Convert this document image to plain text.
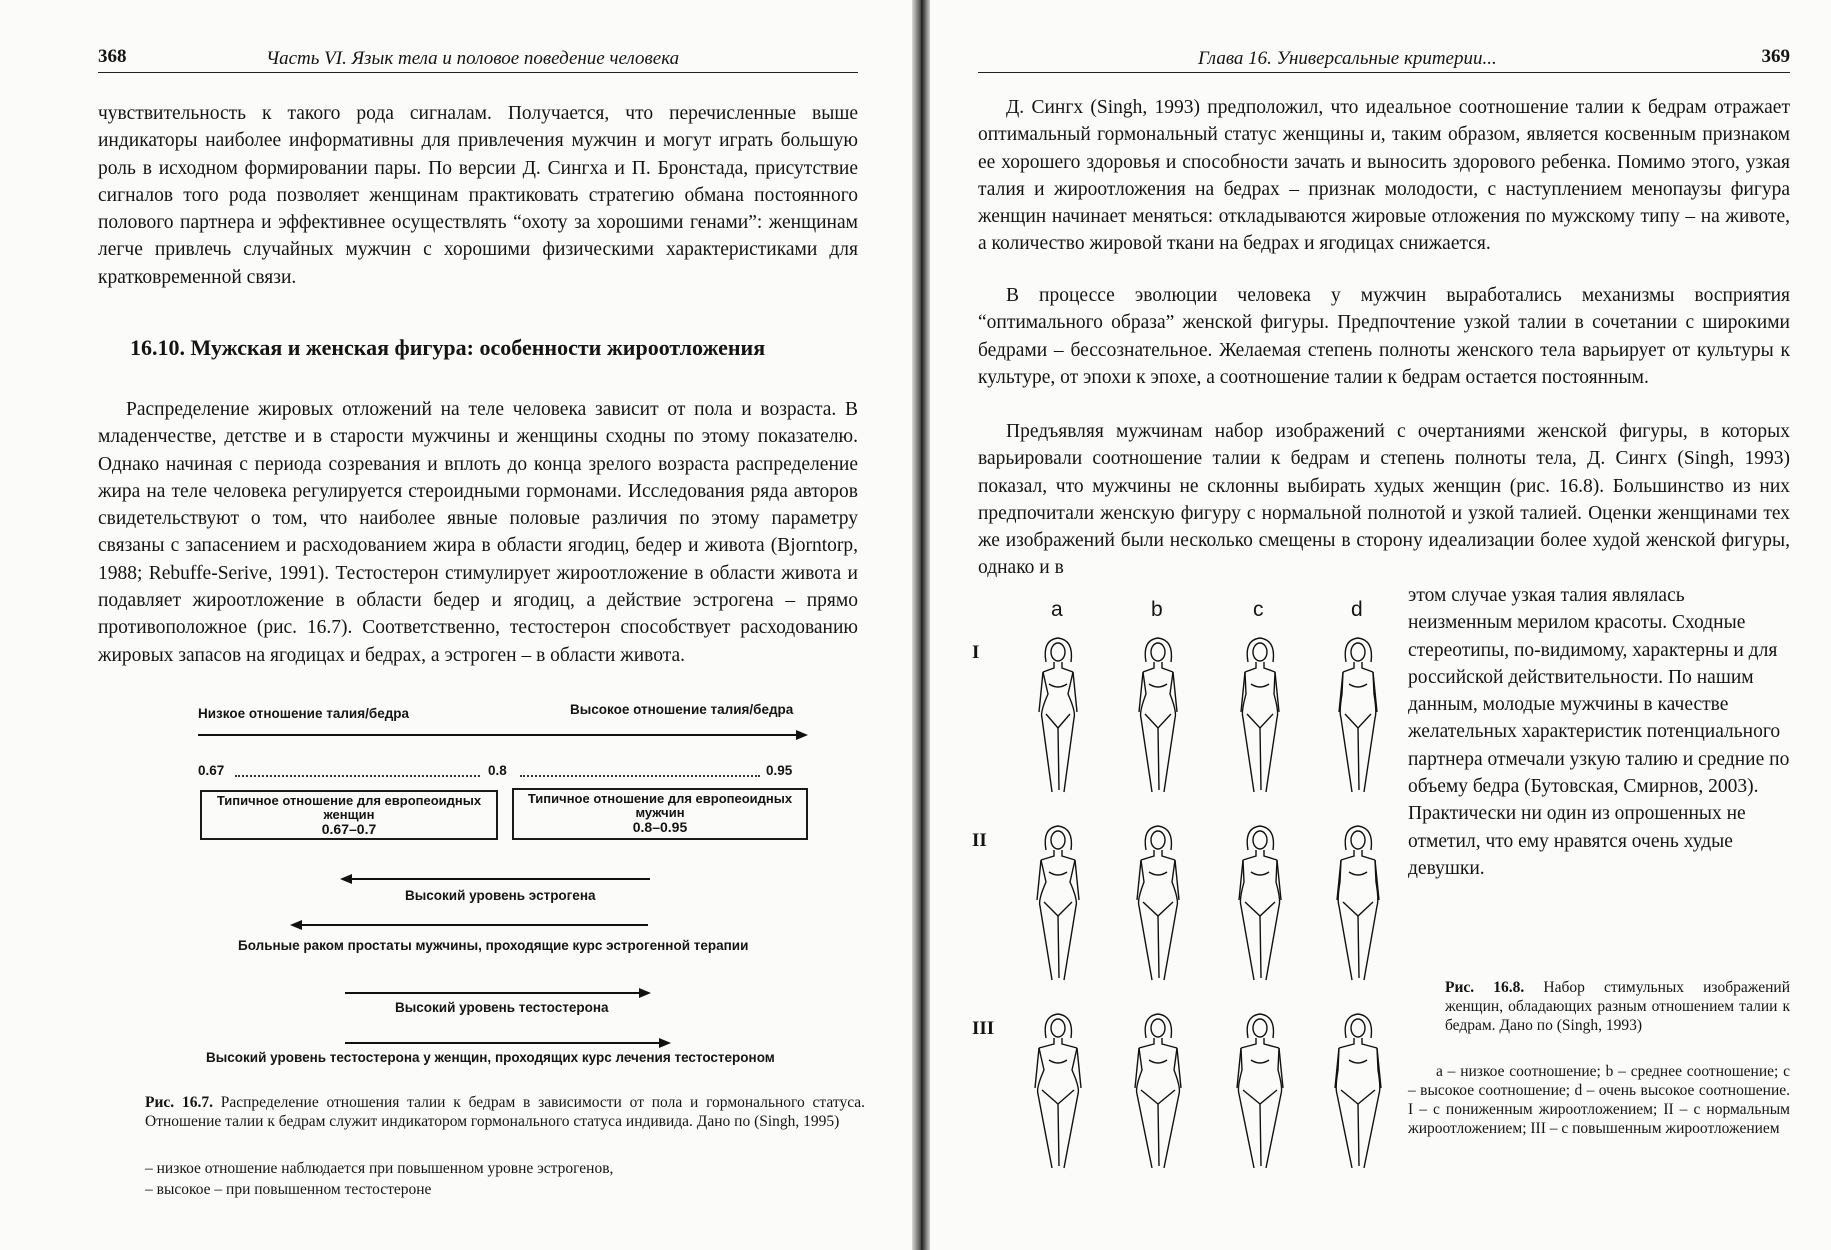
368	Часть VI. Язык тела и половое поведение человека

чувствительность к такого рода сигналам. Получается, что перечисленные выше индикаторы наиболее информативны для привлечения мужчин и могут играть большую роль в исходном формировании пары. По версии Д. Сингха и П. Бронстада, присутствие сигналов того рода позволяет женщинам практиковать стратегию обмана постоянного полового партнера и эффективнее осуществлять “охоту за хорошими генами”: женщинам легче привлечь случайных мужчин с хорошими физическими характеристиками для кратковременной связи.

16.10. Мужская и женская фигура: особенности жироотложения

Распределение жировых отложений на теле человека зависит от пола и возраста. В младенчестве, детстве и в старости мужчины и женщины сходны по этому показателю. Однако начиная с периода созревания и вплоть до конца зрелого возраста распределение жира на теле человека регулируется стероидными гормонами. Исследования ряда авторов свидетельствуют о том, что наиболее явные половые различия по этому параметру связаны с запасением и расходованием жира в области ягодиц, бедер и живота (Bjorntorp, 1988; Rebuffe-Serive, 1991). Тестостерон стимулирует жироотложение в области живота и подавляет жироотложение в области бедер и ягодиц, а действие эстрогена – прямо противоположное (рис. 16.7). Соответственно, тестостерон способствует расходованию жировых запасов на ягодицах и бедрах, а эстроген – в области живота.

Низкое отношение талия/бедра	Высокое отношение талия/бедра
0.67	0.8	0.95
Типичное отношение для европеоидных женщин
0.67–0.7
Типичное отношение для европеоидных мужчин
0.8–0.95
Высокий уровень эстрогена
Больные раком простаты мужчины, проходящие курс эстрогенной терапии
Высокий уровень тестостерона
Высокий уровень тестостерона у женщин, проходящих курс лечения тестостероном
Рис. 16.7. Распределение отношения талии к бедрам в зависимости от пола и гормонального статуса. Отношение талии к бедрам служит индикатором гормонального статуса индивида. Дано по (Singh, 1995)
– низкое отношение наблюдается при повышенном уровне эстрогенов,
– высокое – при повышенном тестостероне
Глава 16. Универсальные критерии...	369

Д. Сингх (Singh, 1993) предположил, что идеальное соотношение талии к бедрам отражает оптимальный гормональный статус женщины и, таким образом, является косвенным признаком ее хорошего здоровья и способности зачать и выносить здорового ребенка. Помимо этого, узкая талия и жироотложения на бедрах – признак молодости, с наступлением менопаузы фигура женщин начинает меняться: откладываются жировые отложения по мужскому типу – на животе, а количество жировой ткани на бедрах и ягодицах снижается.

В процессе эволюции человека у мужчин выработались механизмы восприятия “оптимального образа” женской фигуры. Предпочтение узкой талии в сочетании с широкими бедрами – бессознательное. Желаемая степень полноты женского тела варьирует от культуры к культуре, от эпохи к эпохе, а соотношение талии к бедрам остается постоянным.

Предъявляя мужчинам набор изображений с очертаниями женской фигуры, в которых варьировали соотношение талии к бедрам и степень полноты тела, Д. Сингх (Singh, 1993) показал, что мужчины не склонны выбирать худых женщин (рис. 16.8). Большинство из них предпочитали женскую фигуру с нормальной полнотой и узкой талией. Оценки женщинами тех же изображений были несколько смещены в сторону идеализации более худой женской фигуры, однако и в

этом случае узкая талия являлась неизменным мерилом красоты. Сходные стереотипы, по-видимому, характерны и для российской действительности. По нашим данным, молодые мужчины в качестве желательных характеристик потенциального партнера отмечали узкую талию и средние по объему бедра (Бутовская, Смирнов, 2003). Практически ни один из опрошенных не отметил, что ему нравятся очень худые девушки.

a	b	c	d
I
II
III
Рис. 16.8. Набор стимульных изображений женщин, обладающих разным отношением талии к бедрам. Дано по (Singh, 1993)
a – низкое соотношение; b – среднее соотношение; c – высокое соотношение; d – очень высокое соотношение. I – с пониженным жироотложением; II – с нормальным жироотложением; III – с повышенным жироотложением
